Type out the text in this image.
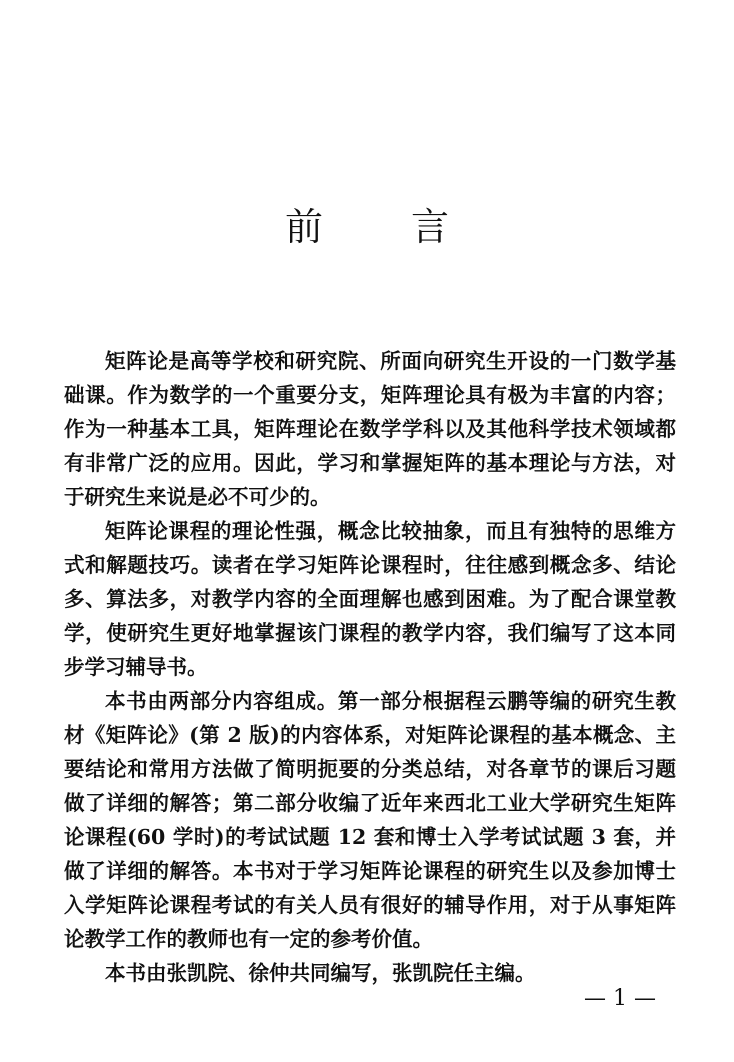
前 言

矩阵论是高等学校和研究院、所面向研究生开设的一门数学基础课。作为数学的一个重要分支，矩阵理论具有极为丰富的内容；作为一种基本工具，矩阵理论在数学学科以及其他科学技术领域都有非常广泛的应用。因此，学习和掌握矩阵的基本理论与方法，对于研究生来说是必不可少的。

矩阵论课程的理论性强，概念比较抽象，而且有独特的思维方式和解题技巧。读者在学习矩阵论课程时，往往感到概念多、结论多、算法多，对教学内容的全面理解也感到困难。为了配合课堂教学，使研究生更好地掌握该门课程的教学内容，我们编写了这本同步学习辅导书。

本书由两部分内容组成。第一部分根据程云鹏等编的研究生教材《矩阵论》(第 2 版)的内容体系，对矩阵论课程的基本概念、主要结论和常用方法做了简明扼要的分类总结，对各章节的课后习题做了详细的解答；第二部分收编了近年来西北工业大学研究生矩阵论课程(60 学时)的考试试题 12 套和博士入学考试试题 3 套，并做了详细的解答。本书对于学习矩阵论课程的研究生以及参加博士入学矩阵论课程考试的有关人员有很好的辅导作用，对于从事矩阵论教学工作的教师也有一定的参考价值。

本书由张凯院、徐仲共同编写，张凯院任主编。

— 1 —
